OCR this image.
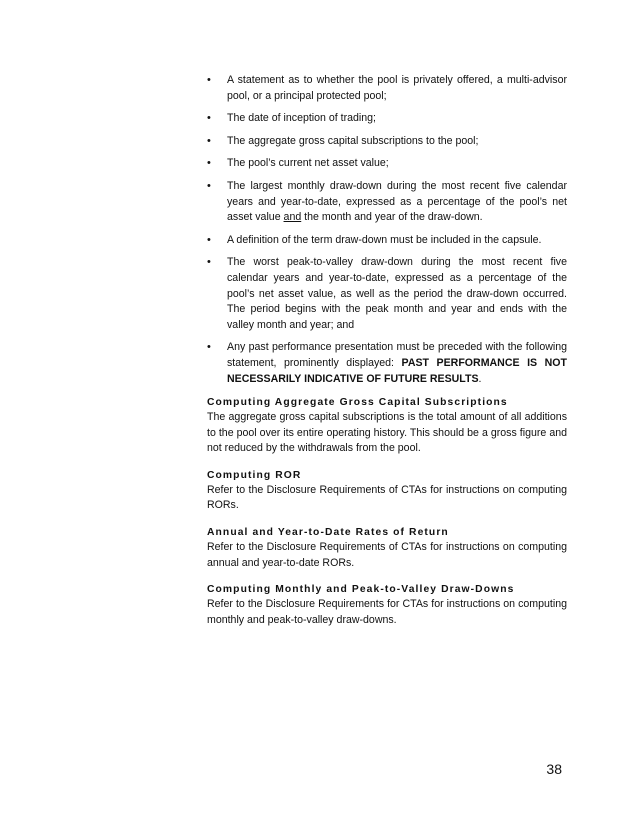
• A statement as to whether the pool is privately offered, a multi-advisor pool, or a principal protected pool;
• The date of inception of trading;
• The aggregate gross capital subscriptions to the pool;
• The pool’s current net asset value;
• The largest monthly draw-down during the most recent five calendar years and year-to-date, expressed as a percentage of the pool’s net asset value and the month and year of the draw-down.
• A definition of the term draw-down must be included in the capsule.
• The worst peak-to-valley draw-down during the most recent five calendar years and year-to-date, expressed as a percentage of the pool’s net asset value, as well as the period the draw-down occurred. The period begins with the peak month and year and ends with the valley month and year; and
• Any past performance presentation must be preceded with the following statement, prominently displayed: PAST PERFORMANCE IS NOT NECESSARILY INDICATIVE OF FUTURE RESULTS.

Computing Aggregate Gross Capital Subscriptions

The aggregate gross capital subscriptions is the total amount of all additions to the pool over its entire operating history. This should be a gross figure and not reduced by the withdrawals from the pool.

Computing ROR

Refer to the Disclosure Requirements of CTAs for instructions on computing RORs.

Annual and Year-to-Date Rates of Return

Refer to the Disclosure Requirements of CTAs for instructions on computing annual and year-to-date RORs.

Computing Monthly and Peak-to-Valley Draw-Downs

Refer to the Disclosure Requirements for CTAs for instructions on computing monthly and peak-to-valley draw-downs.

38
